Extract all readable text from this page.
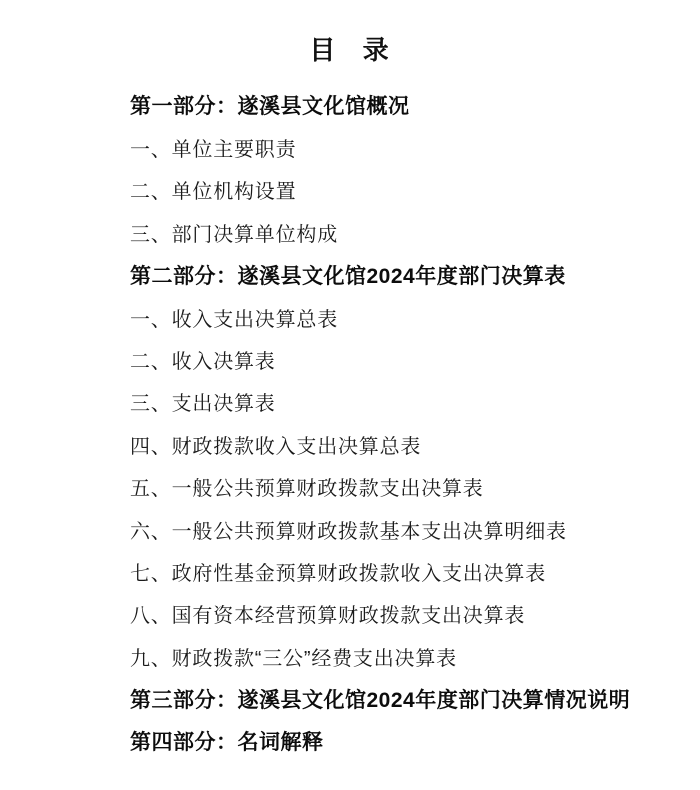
目 录
第一部分：遂溪县文化馆概况
一、单位主要职责
二、单位机构设置
三、部门决算单位构成
第二部分：遂溪县文化馆2024年度部门决算表
一、收入支出决算总表
二、收入决算表
三、支出决算表
四、财政拨款收入支出决算总表
五、一般公共预算财政拨款支出决算表
六、一般公共预算财政拨款基本支出决算明细表
七、政府性基金预算财政拨款收入支出决算表
八、国有资本经营预算财政拨款支出决算表
九、财政拨款“三公”经费支出决算表
第三部分：遂溪县文化馆2024年度部门决算情况说明
第四部分：名词解释
